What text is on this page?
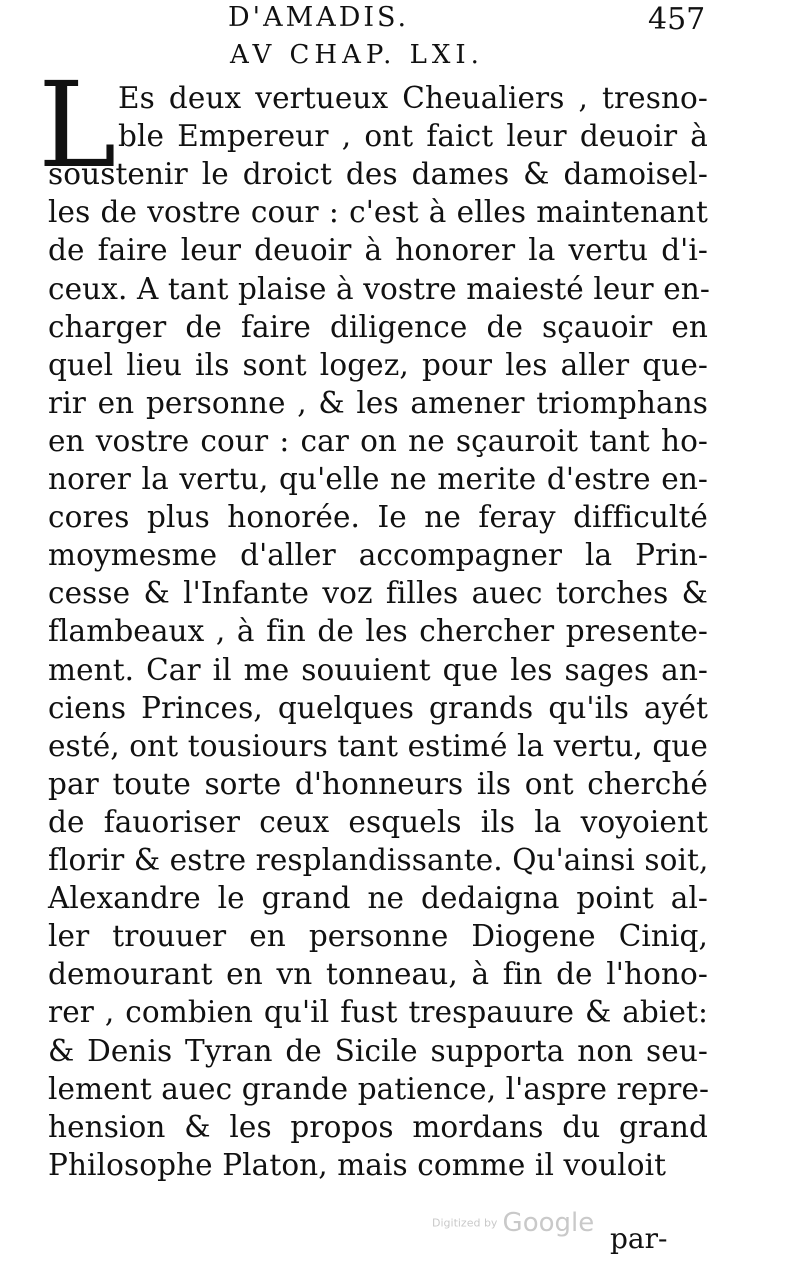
D'AMADIS.	457
AV CHAP. LXI.
L Es deux vertueux Cheualiers , tresno-
ble Empereur , ont faict leur deuoir à
soustenir le droict des dames & damoisel-
les de vostre cour : c'est à elles maintenant
de faire leur deuoir à honorer la vertu d'i-
ceux. A tant plaise à vostre maiesté leur en-
charger de faire diligence de sçauoir en
quel lieu ils sont logez, pour les aller que-
rir en personne , & les amener triomphans
en vostre cour : car on ne sçauroit tant ho-
norer la vertu, qu'elle ne merite d'estre en-
cores plus honorée. Ie ne feray difficulté
moymesme d'aller accompagner la Prin-
cesse & l'Infante voz filles auec torches &
flambeaux , à fin de les chercher presente-
ment. Car il me souuient que les sages an-
ciens Princes, quelques grands qu'ils ayét
esté, ont tousiours tant estimé la vertu, que
par toute sorte d'honneurs ils ont cherché
de fauoriser ceux esquels ils la voyoient
florir & estre resplandissante. Qu'ainsi soit,
Alexandre le grand ne dedaigna point al-
ler trouuer en personne Diogene Ciniq,
demourant en vn tonneau, à fin de l'hono-
rer , combien qu'il fust trespauure & abiet:
& Denis Tyran de Sicile supporta non seu-
lement auec grande patience, l'aspre repre-
hension & les propos mordans du grand
Philosophe Platon, mais comme il vouloit
par-
Digitized by Google
